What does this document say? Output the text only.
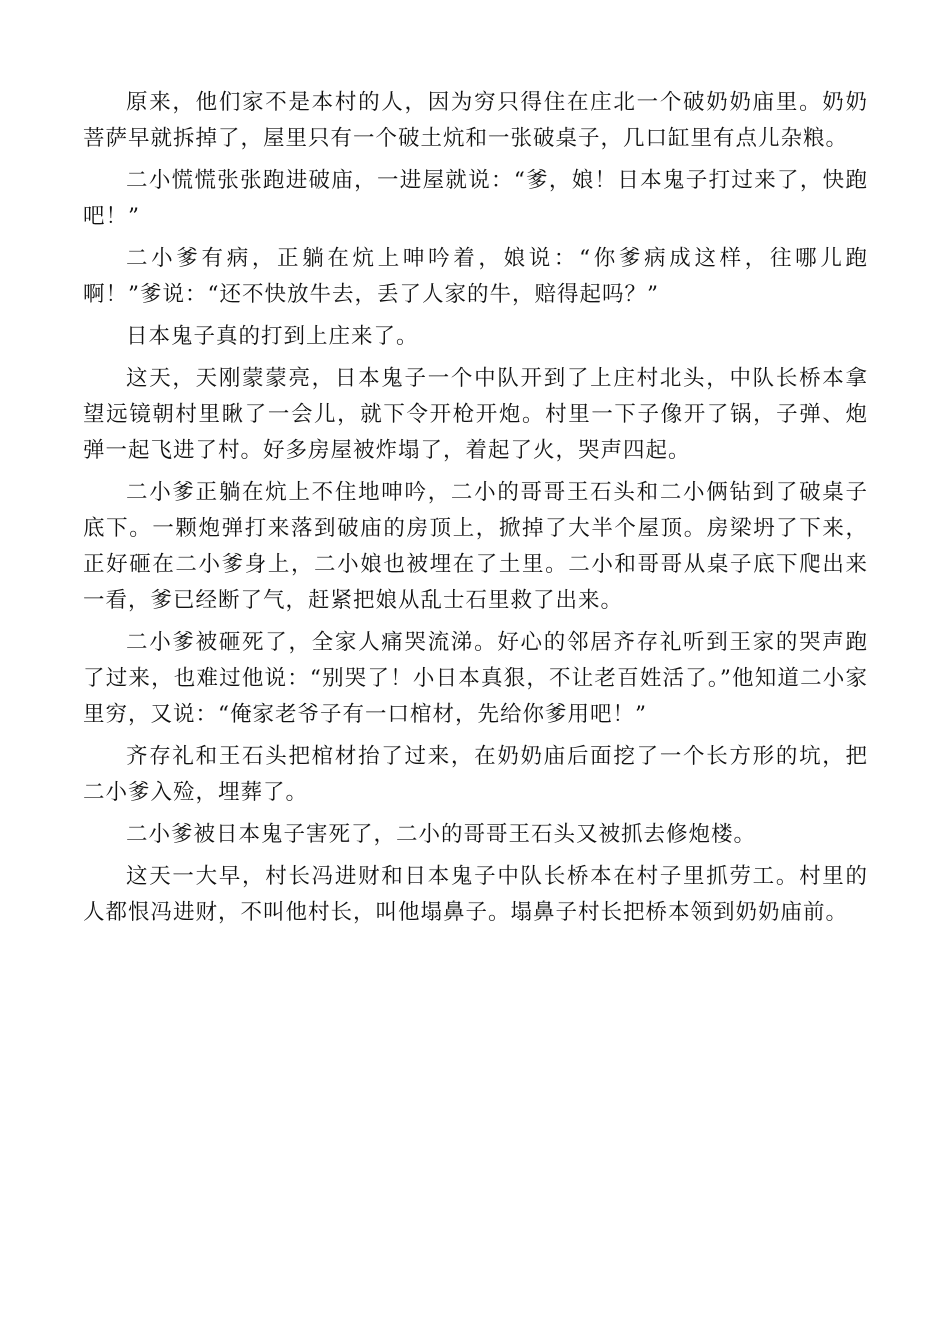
原来，他们家不是本村的人，因为穷只得住在庄北一个破奶奶庙里。奶奶菩萨早就拆掉了，屋里只有一个破土炕和一张破桌子，几口缸里有点儿杂粮。

二小慌慌张张跑进破庙，一进屋就说：“爹，娘！日本鬼子打过来了，快跑吧！”

二小爹有病，正躺在炕上呻吟着，娘说：“你爹病成这样，往哪儿跑啊！”爹说：“还不快放牛去，丢了人家的牛，赔得起吗？”

日本鬼子真的打到上庄来了。

这天，天刚蒙蒙亮，日本鬼子一个中队开到了上庄村北头，中队长桥本拿望远镜朝村里瞅了一会儿，就下令开枪开炮。村里一下子像开了锅，子弹、炮弹一起飞进了村。好多房屋被炸塌了，着起了火，哭声四起。

二小爹正躺在炕上不住地呻吟，二小的哥哥王石头和二小俩钻到了破桌子底下。一颗炮弹打来落到破庙的房顶上，掀掉了大半个屋顶。房梁坍了下来，正好砸在二小爹身上，二小娘也被埋在了土里。二小和哥哥从桌子底下爬出来一看，爹已经断了气，赶紧把娘从乱士石里救了出来。

二小爹被砸死了，全家人痛哭流涕。好心的邻居齐存礼听到王家的哭声跑了过来，也难过他说：“别哭了！小日本真狠，不让老百姓活了。”他知道二小家里穷，又说：“俺家老爷子有一口棺材，先给你爹用吧！”

齐存礼和王石头把棺材抬了过来，在奶奶庙后面挖了一个长方形的坑，把二小爹入殓，埋葬了。

二小爹被日本鬼子害死了，二小的哥哥王石头又被抓去修炮楼。

这天一大早，村长冯进财和日本鬼子中队长桥本在村子里抓劳工。村里的人都恨冯进财，不叫他村长，叫他塌鼻子。塌鼻子村长把桥本领到奶奶庙前。
